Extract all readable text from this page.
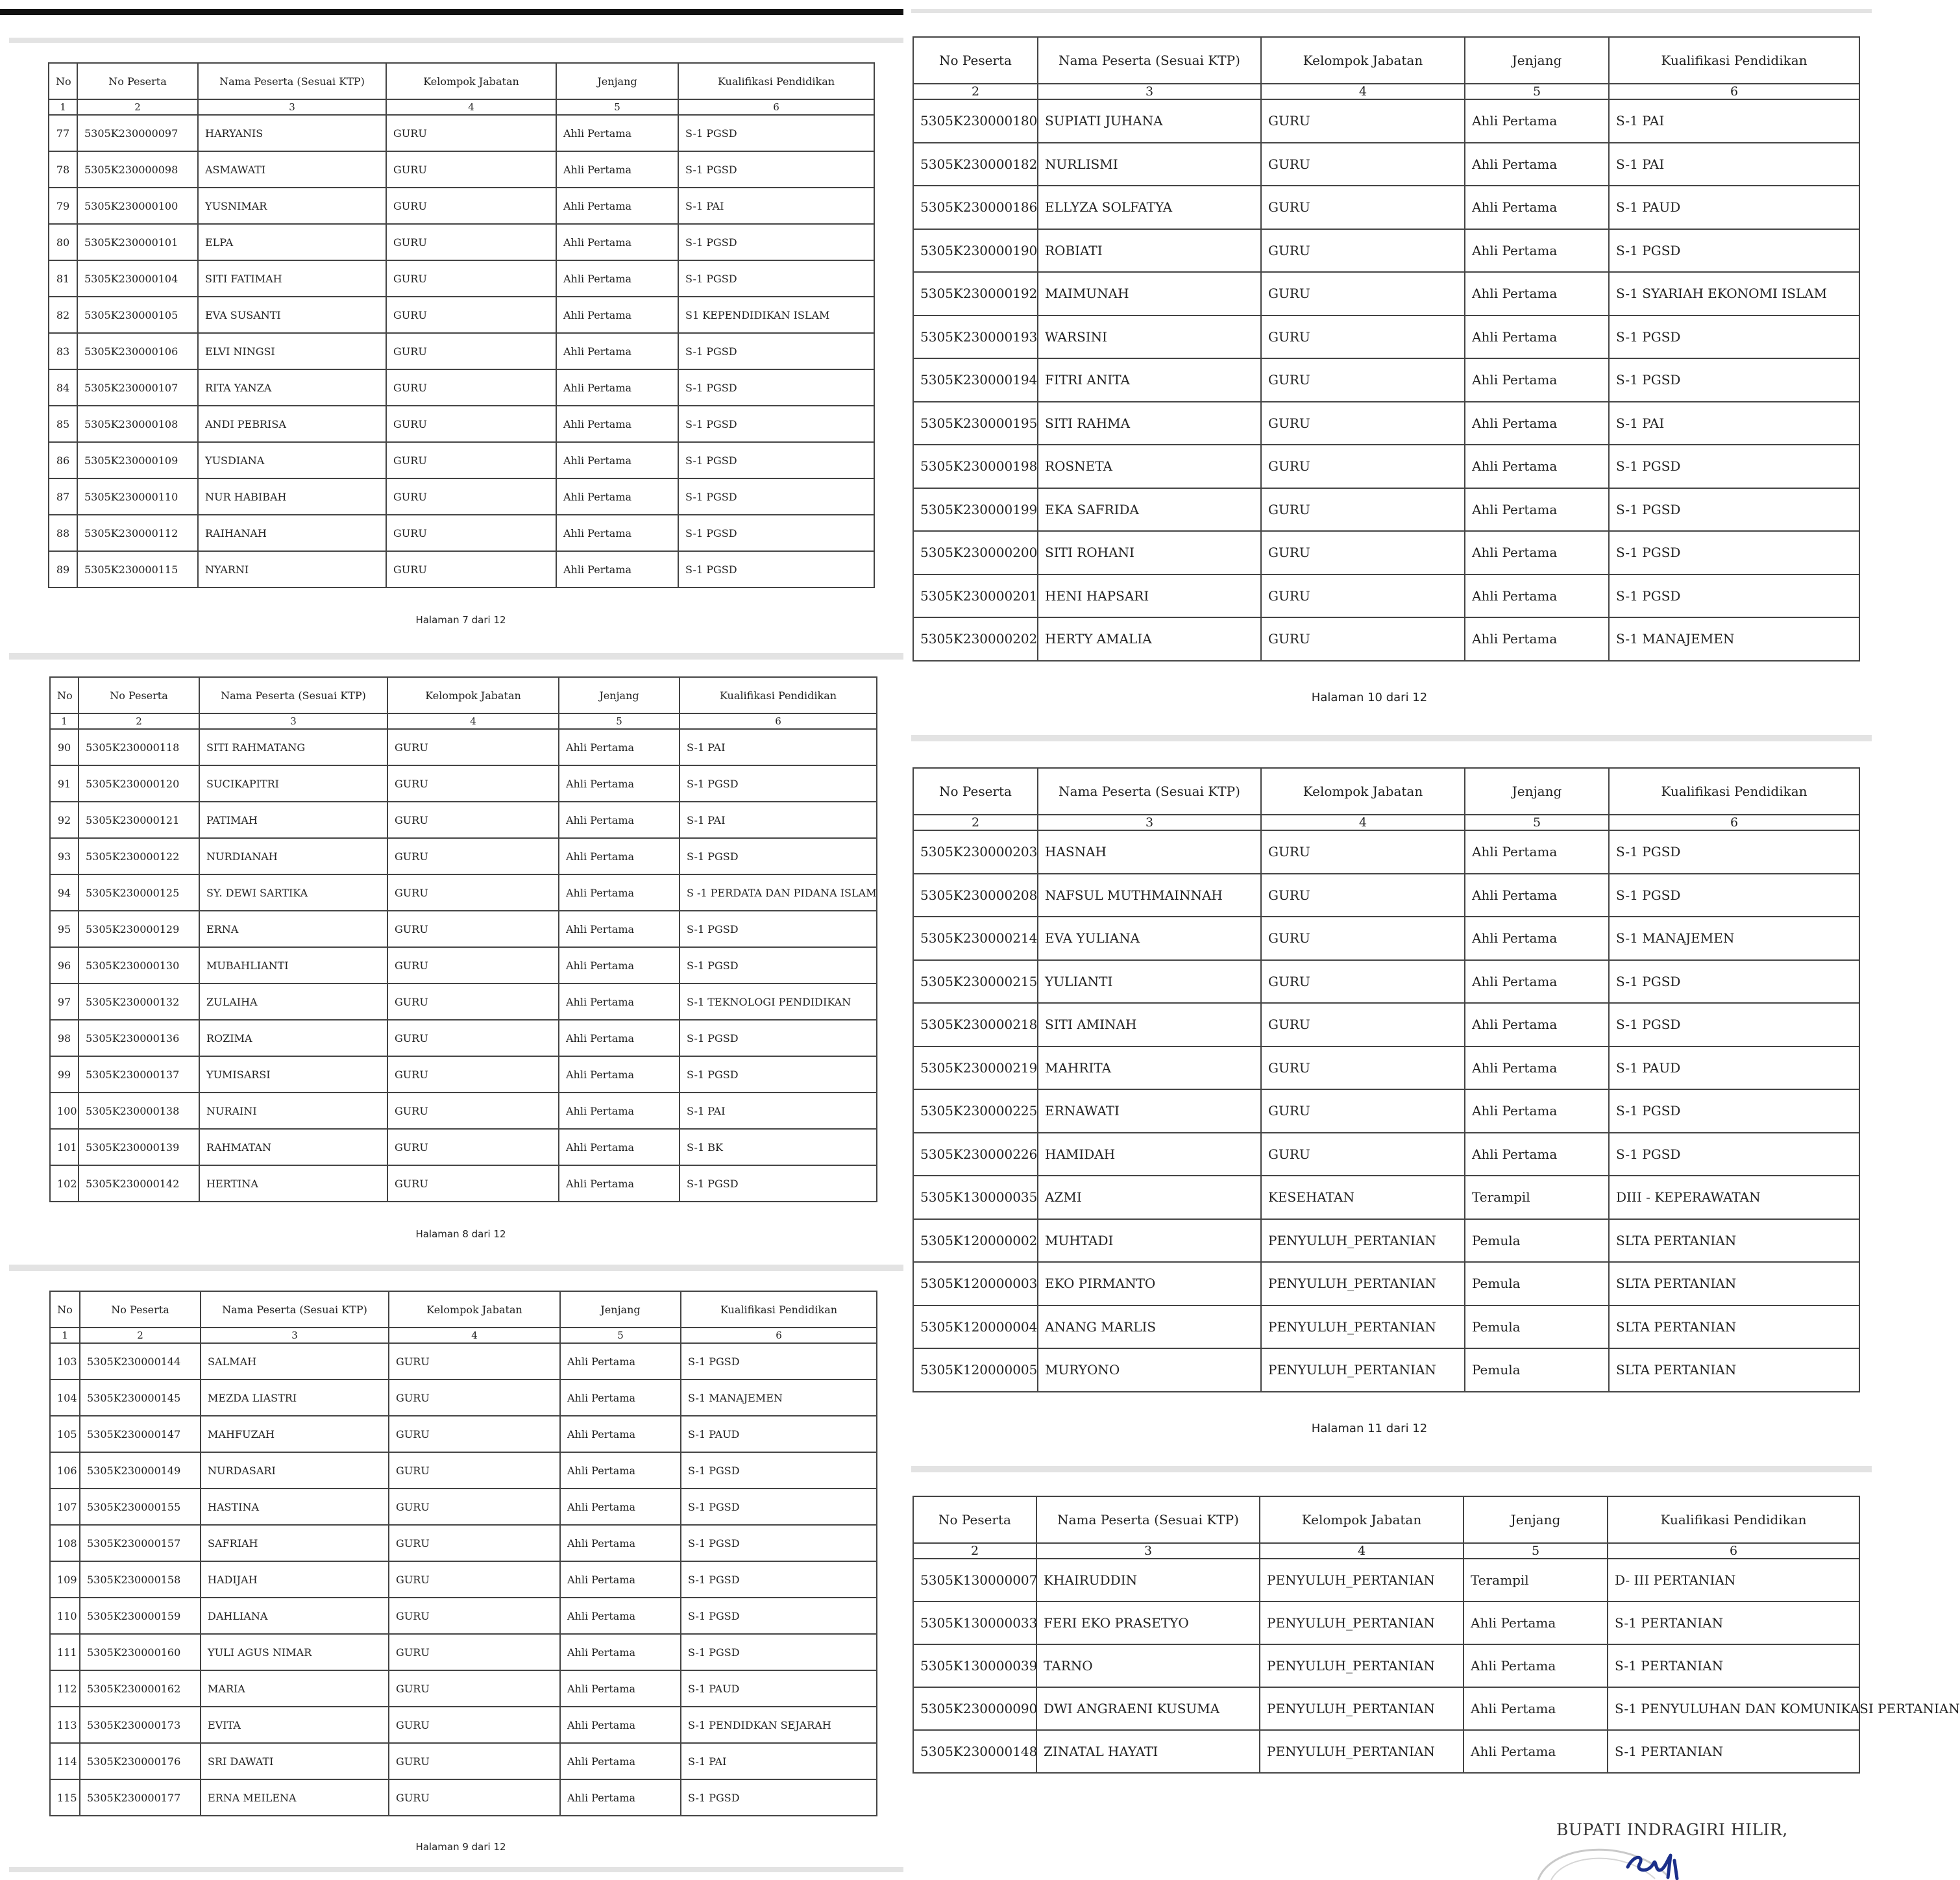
No	No Peserta	Nama Peserta (Sesuai KTP)	Kelompok Jabatan	Jenjang	Kualifikasi Pendidikan
1	2	3	4	5	6
77	5305K230000097	HARYANIS	GURU	Ahli Pertama	S-1 PGSD
78	5305K230000098	ASMAWATI	GURU	Ahli Pertama	S-1 PGSD
79	5305K230000100	YUSNIMAR	GURU	Ahli Pertama	S-1 PAI
80	5305K230000101	ELPA	GURU	Ahli Pertama	S-1 PGSD
81	5305K230000104	SITI FATIMAH	GURU	Ahli Pertama	S-1 PGSD
82	5305K230000105	EVA SUSANTI	GURU	Ahli Pertama	S1 KEPENDIDIKAN ISLAM
83	5305K230000106	ELVI NINGSI	GURU	Ahli Pertama	S-1 PGSD
84	5305K230000107	RITA YANZA	GURU	Ahli Pertama	S-1 PGSD
85	5305K230000108	ANDI PEBRISA	GURU	Ahli Pertama	S-1 PGSD
86	5305K230000109	YUSDIANA	GURU	Ahli Pertama	S-1 PGSD
87	5305K230000110	NUR HABIBAH	GURU	Ahli Pertama	S-1 PGSD
88	5305K230000112	RAIHANAH	GURU	Ahli Pertama	S-1 PGSD
89	5305K230000115	NYARNI	GURU	Ahli Pertama	S-1 PGSD
Halaman 7 dari 12
No	No Peserta	Nama Peserta (Sesuai KTP)	Kelompok Jabatan	Jenjang	Kualifikasi Pendidikan
1	2	3	4	5	6
90	5305K230000118	SITI RAHMATANG	GURU	Ahli Pertama	S-1 PAI
91	5305K230000120	SUCIKAPITRI	GURU	Ahli Pertama	S-1 PGSD
92	5305K230000121	PATIMAH	GURU	Ahli Pertama	S-1 PAI
93	5305K230000122	NURDIANAH	GURU	Ahli Pertama	S-1 PGSD
94	5305K230000125	SY. DEWI SARTIKA	GURU	Ahli Pertama	S -1 PERDATA DAN PIDANA ISLAM
95	5305K230000129	ERNA	GURU	Ahli Pertama	S-1 PGSD
96	5305K230000130	MUBAHLIANTI	GURU	Ahli Pertama	S-1 PGSD
97	5305K230000132	ZULAIHA	GURU	Ahli Pertama	S-1 TEKNOLOGI PENDIDIKAN
98	5305K230000136	ROZIMA	GURU	Ahli Pertama	S-1 PGSD
99	5305K230000137	YUMISARSI	GURU	Ahli Pertama	S-1 PGSD
100	5305K230000138	NURAINI	GURU	Ahli Pertama	S-1 PAI
101	5305K230000139	RAHMATAN	GURU	Ahli Pertama	S-1 BK
102	5305K230000142	HERTINA	GURU	Ahli Pertama	S-1 PGSD
Halaman 8 dari 12
No	No Peserta	Nama Peserta (Sesuai KTP)	Kelompok Jabatan	Jenjang	Kualifikasi Pendidikan
1	2	3	4	5	6
103	5305K230000144	SALMAH	GURU	Ahli Pertama	S-1 PGSD
104	5305K230000145	MEZDA LIASTRI	GURU	Ahli Pertama	S-1 MANAJEMEN
105	5305K230000147	MAHFUZAH	GURU	Ahli Pertama	S-1 PAUD
106	5305K230000149	NURDASARI	GURU	Ahli Pertama	S-1 PGSD
107	5305K230000155	HASTINA	GURU	Ahli Pertama	S-1 PGSD
108	5305K230000157	SAFRIAH	GURU	Ahli Pertama	S-1 PGSD
109	5305K230000158	HADIJAH	GURU	Ahli Pertama	S-1 PGSD
110	5305K230000159	DAHLIANA	GURU	Ahli Pertama	S-1 PGSD
111	5305K230000160	YULI AGUS NIMAR	GURU	Ahli Pertama	S-1 PGSD
112	5305K230000162	MARIA	GURU	Ahli Pertama	S-1 PAUD
113	5305K230000173	EVITA	GURU	Ahli Pertama	S-1 PENDIDKAN SEJARAH
114	5305K230000176	SRI DAWATI	GURU	Ahli Pertama	S-1 PAI
115	5305K230000177	ERNA MEILENA	GURU	Ahli Pertama	S-1 PGSD
Halaman 9 dari 12
No Peserta	Nama Peserta (Sesuai KTP)	Kelompok Jabatan	Jenjang	Kualifikasi Pendidikan
2	3	4	5	6
5305K230000180	SUPIATI JUHANA	GURU	Ahli Pertama	S-1 PAI
5305K230000182	NURLISMI	GURU	Ahli Pertama	S-1 PAI
5305K230000186	ELLYZA SOLFATYA	GURU	Ahli Pertama	S-1 PAUD
5305K230000190	ROBIATI	GURU	Ahli Pertama	S-1 PGSD
5305K230000192	MAIMUNAH	GURU	Ahli Pertama	S-1 SYARIAH EKONOMI ISLAM
5305K230000193	WARSINI	GURU	Ahli Pertama	S-1 PGSD
5305K230000194	FITRI ANITA	GURU	Ahli Pertama	S-1 PGSD
5305K230000195	SITI RAHMA	GURU	Ahli Pertama	S-1 PAI
5305K230000198	ROSNETA	GURU	Ahli Pertama	S-1 PGSD
5305K230000199	EKA SAFRIDA	GURU	Ahli Pertama	S-1 PGSD
5305K230000200	SITI ROHANI	GURU	Ahli Pertama	S-1 PGSD
5305K230000201	HENI HAPSARI	GURU	Ahli Pertama	S-1 PGSD
5305K230000202	HERTY AMALIA	GURU	Ahli Pertama	S-1 MANAJEMEN
Halaman 10 dari 12
No Peserta	Nama Peserta (Sesuai KTP)	Kelompok Jabatan	Jenjang	Kualifikasi Pendidikan
2	3	4	5	6
5305K230000203	HASNAH	GURU	Ahli Pertama	S-1 PGSD
5305K230000208	NAFSUL MUTHMAINNAH	GURU	Ahli Pertama	S-1 PGSD
5305K230000214	EVA YULIANA	GURU	Ahli Pertama	S-1 MANAJEMEN
5305K230000215	YULIANTI	GURU	Ahli Pertama	S-1 PGSD
5305K230000218	SITI AMINAH	GURU	Ahli Pertama	S-1 PGSD
5305K230000219	MAHRITA	GURU	Ahli Pertama	S-1 PAUD
5305K230000225	ERNAWATI	GURU	Ahli Pertama	S-1 PGSD
5305K230000226	HAMIDAH	GURU	Ahli Pertama	S-1 PGSD
5305K130000035	AZMI	KESEHATAN	Terampil	DIII - KEPERAWATAN
5305K120000002	MUHTADI	PENYULUH_PERTANIAN	Pemula	SLTA PERTANIAN
5305K120000003	EKO PIRMANTO	PENYULUH_PERTANIAN	Pemula	SLTA PERTANIAN
5305K120000004	ANANG MARLIS	PENYULUH_PERTANIAN	Pemula	SLTA PERTANIAN
5305K120000005	MURYONO	PENYULUH_PERTANIAN	Pemula	SLTA PERTANIAN
Halaman 11 dari 12
No Peserta	Nama Peserta (Sesuai KTP)	Kelompok Jabatan	Jenjang	Kualifikasi Pendidikan
2	3	4	5	6
5305K130000007	KHAIRUDDIN	PENYULUH_PERTANIAN	Terampil	D- III PERTANIAN
5305K130000033	FERI EKO PRASETYO	PENYULUH_PERTANIAN	Ahli Pertama	S-1 PERTANIAN
5305K130000039	TARNO	PENYULUH_PERTANIAN	Ahli Pertama	S-1 PERTANIAN
5305K230000090	DWI ANGRAENI KUSUMA	PENYULUH_PERTANIAN	Ahli Pertama	S-1 PENYULUHAN DAN KOMUNIKASI PERTANIAN
5305K230000148	ZINATAL HAYATI	PENYULUH_PERTANIAN	Ahli Pertama	S-1 PERTANIAN
BUPATI INDRAGIRI HILIR,
